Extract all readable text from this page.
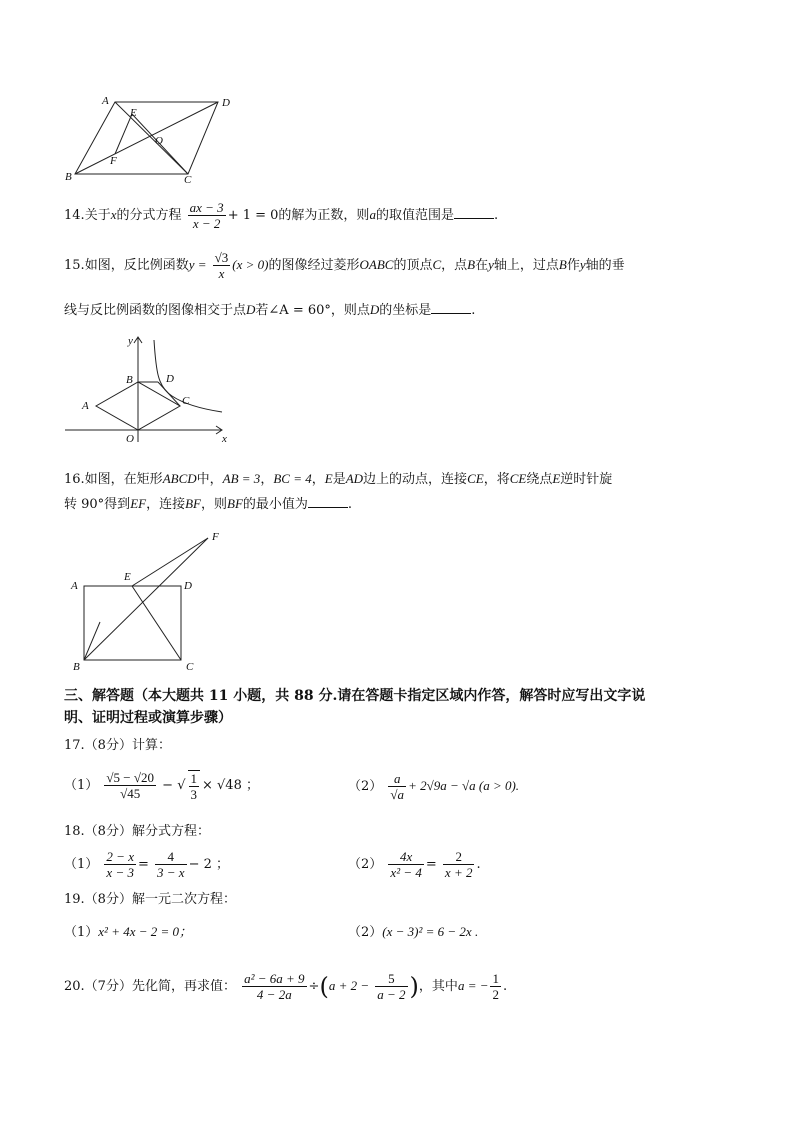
A
E
D
O
F
B	C
14.关于x的分式方程 $\frac{ax - 3}{x - 2} + 1 = 0$的解为正数，则a的取值范围是	.
15.如图，反比例函数$y = \frac{√3}{x} (x > 0)$的图像经过菱形OABC的顶点C，点B在y轴上，过点B作y轴的垂
线与反比例函数的图像相交于点D若∠A = 60°，则点D的坐标是	.
y
x
B	D
A	C
O
16.如图，在矩形ABCD中，AB = 3，BC = 4，E是AD边上的动点，连接CE，将CE绕点E逆时针旋
转 90°得到EF，连接BF，则BF的最小值为	.
F
A
E
D
B	C
三、解答题（本大题共 11 小题，共 88 分.请在答题卡指定区域内作答，解答时应写出文字说
明、证明过程或演算步骤）
17.（8分）计算：
$(1) \frac{√5 - √20}{√45}$ − √ $\frac{1}{3} \times √48$ ；	$(2) \frac{a}{√a} + 2√9a - √a$ (a > 0).
18.（8分）解分式方程：
$(1) \frac{2 - x}{x - 3} = \frac{4}{3 - x} - 2$ ；	$(2) \frac{4x}{\text{x² − 4}} = \frac{2}{x + 2}$ .
19.（8分）解一元二次方程：
（1）x² + 4x − 2 = 0；	（2）(x − 3)² = 6 − 2x .
20.（7分）先化简，再求值： $\frac{\text{a² − 6a + 9}}{4 - 2a} \div(a + 2 - \frac{5}{a - 2}$ )，其中a = − $\frac{1}{2}$ .
